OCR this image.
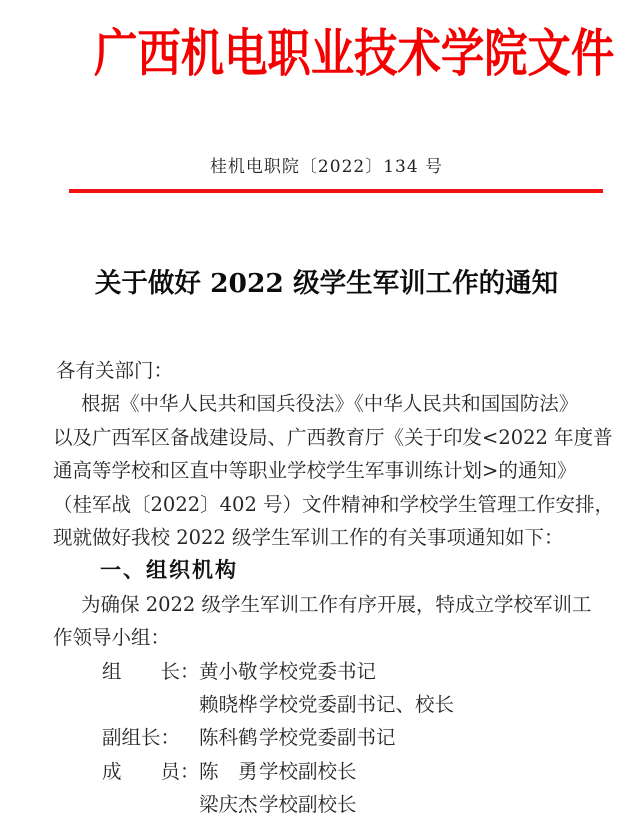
广西机电职业技术学院文件
桂机电职院〔2022〕134 号
关于做好 2022 级学生军训工作的通知
各有关部门：
根据《中华人民共和国兵役法》《中华人民共和国国防法》
以及广西军区备战建设局、广西教育厅《关于印发<2022 年度普
通高等学校和区直中等职业学校学生军事训练计划>的通知》
（桂军战〔2022〕402 号）文件精神和学校学生管理工作安排，
现就做好我校 2022 级学生军训工作的有关事项通知如下：
一、组织机构
为确保 2022 级学生军训工作有序开展，特成立学校军训工
作领导小组：
组　　长：黄小敬学校党委书记
赖晓桦学校党委副书记、校长
副组长： 陈科鹤学校党委副书记
成　　员：陈　勇学校副校长
梁庆杰学校副校长
